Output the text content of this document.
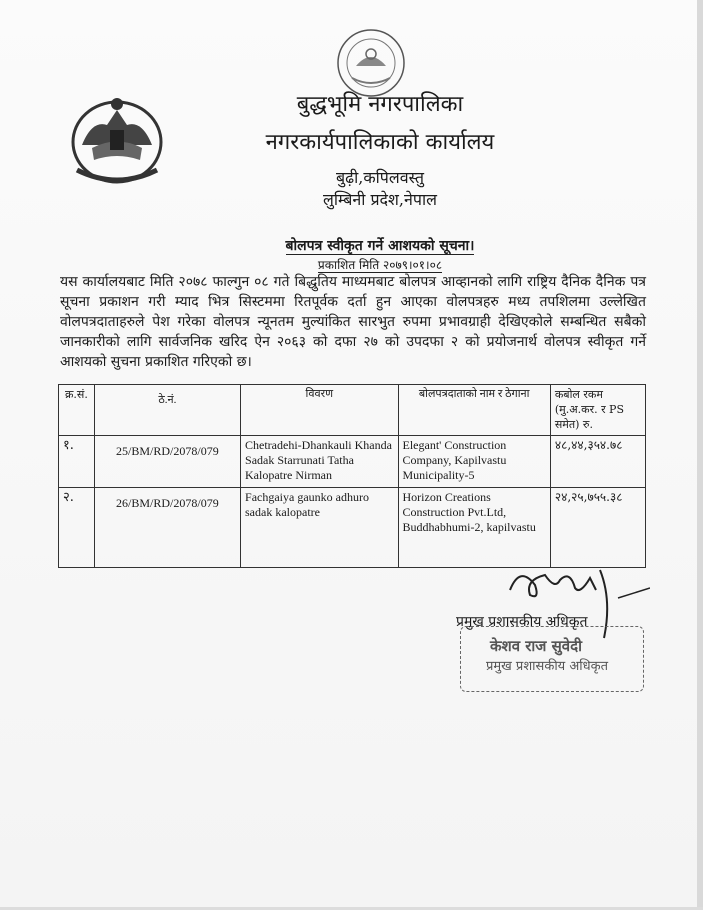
बुद्धभूमि नगरपालिका
नगरकार्यपालिकाको कार्यालय
बुढ़ी,कपिलवस्तु
लुम्बिनी प्रदेश,नेपाल
बोलपत्र स्वीकृत गर्ने आशयको सूचना।
प्रकाशित मिति २०७९।०१।०८
यस कार्यालयबाट मिति २०७८ फाल्गुन ०८ गते बिद्धुतिय माध्यमबाट बोलपत्र आव्हानको लागि राष्ट्रिय दैनिक दैनिक पत्र सूचना प्रकाशन गरी म्याद भित्र सिस्टममा रितपूर्वक दर्ता हुन आएका वोलपत्रहरु मध्य तपशिलमा उल्लेखित वोलपत्रदाताहरुले पेश गरेका वोलपत्र न्यूनतम मुल्यांकित सारभुत रुपमा प्रभावग्राही देखिएकोले सम्बन्धित सबैको जानकारीको लागि सार्वजनिक खरिद ऐन २०६३ को दफा २७ को उपदफा २ को प्रयोजनार्थ वोलपत्र स्वीकृत गर्ने आशयको सुचना प्रकाशित गरिएको छ।
क्र.सं.	ठे.नं.	विवरण	बोलपत्रदाताको नाम र ठेगाना	कबोल रकम (मु.अ.कर. र PS समेत) रु.
१.	25/BM/RD/2078/079	Chetradehi-Dhankauli Khanda Sadak Starrunati Tatha Kalopatre Nirman	Elegant' Construction Company, Kapilvastu Municipality-5	४८,४४,३५४.७८
२.	26/BM/RD/2078/079	Fachgaiya gaunko adhuro sadak kalopatre	Horizon Creations Construction Pvt.Ltd, Buddhabhumi-2, kapilvastu	२४,२५,७५५.३८
प्रमुख प्रशासकीय अधिकृत
केशव राज सुवेदी
प्रमुख प्रशासकीय अधिकृत
